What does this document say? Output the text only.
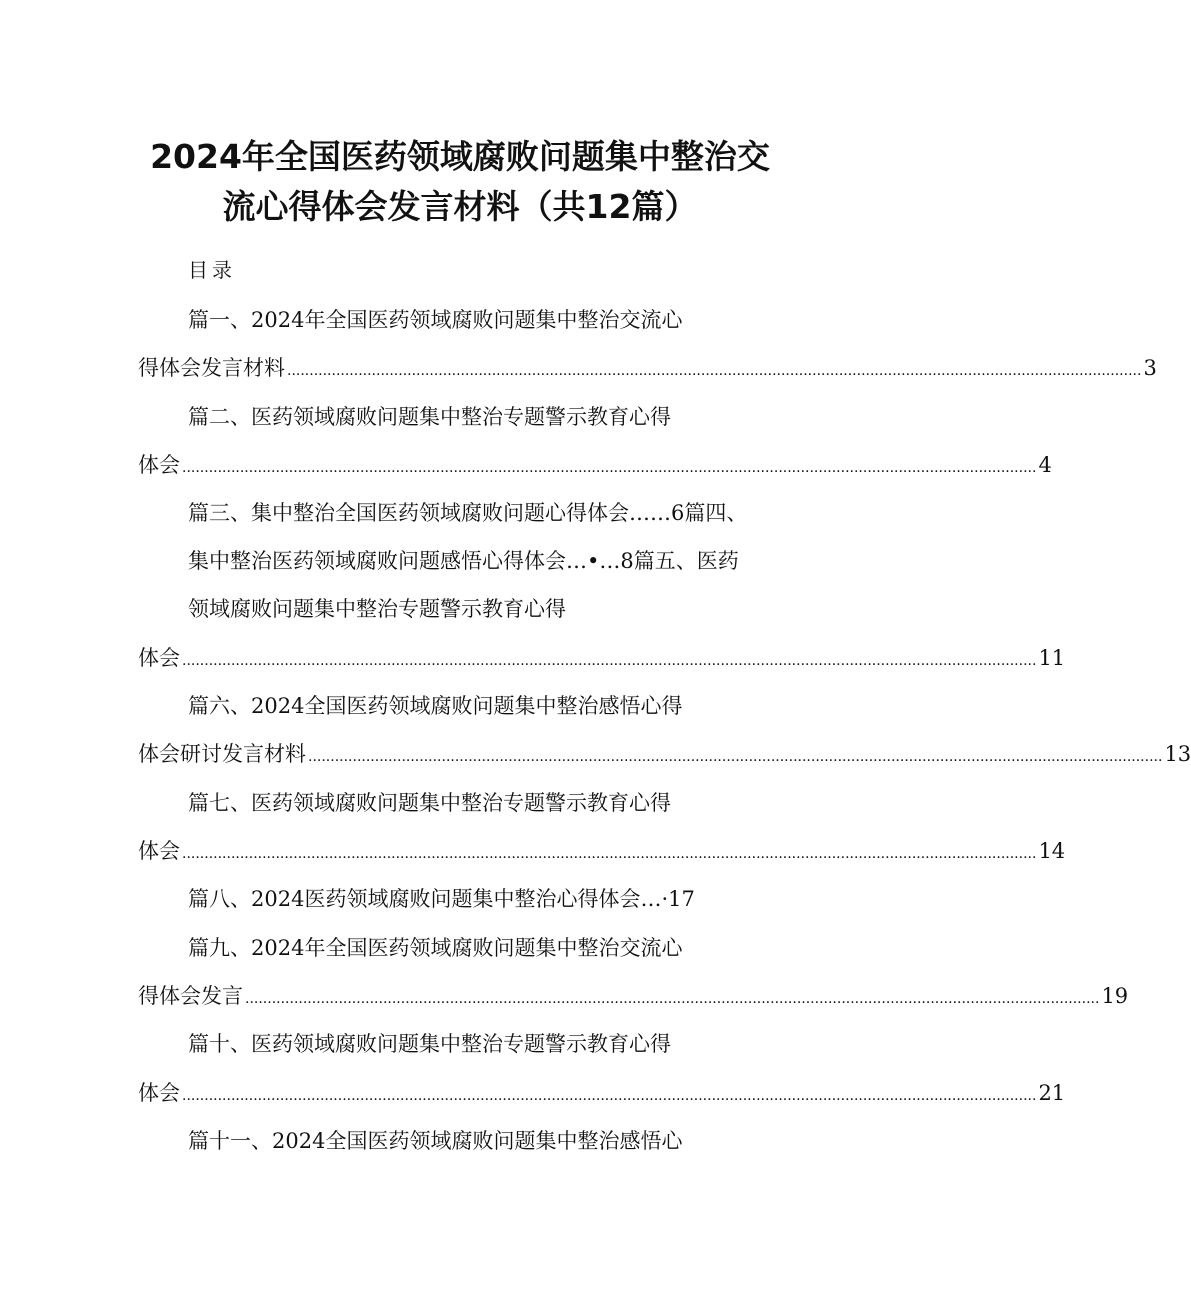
2024年全国医药领域腐败问题集中整治交
流心得体会发言材料（共12篇）
目录
篇一、2024年全国医药领域腐败问题集中整治交流心
得体会发言材料 ................................................................................................................................................................................................ 3
篇二、医药领域腐败问题集中整治专题警示教育心得
体会 ................................................................................................................................................................................................ 4
篇三、集中整治全国医药领域腐败问题心得体会……6篇四、
集中整治医药领域腐败问题感悟心得体会…•…8篇五、医药
领域腐败问题集中整治专题警示教育心得
体会 ................................................................................................................................................................................................ 11
篇六、2024全国医药领域腐败问题集中整治感悟心得
体会研讨发言材料 ................................................................................................................................................................................................ 13
篇七、医药领域腐败问题集中整治专题警示教育心得
体会 ................................................................................................................................................................................................ 14
篇八、2024医药领域腐败问题集中整治心得体会…·17
篇九、2024年全国医药领域腐败问题集中整治交流心
得体会发言 ................................................................................................................................................................................................ 19
篇十、医药领域腐败问题集中整治专题警示教育心得
体会 ................................................................................................................................................................................................ 21
篇十一、2024全国医药领域腐败问题集中整治感悟心
